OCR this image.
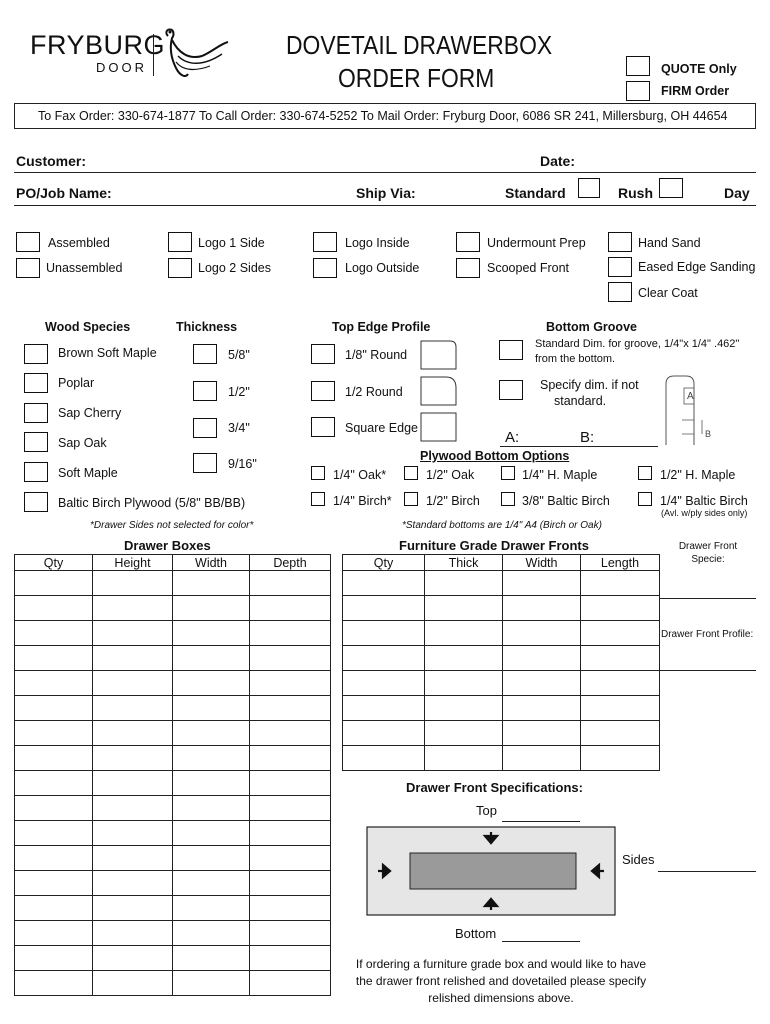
FRYBURG
DOOR
DOVETAIL DRAWERBOX
ORDER FORM	QUOTE Only
FIRM Order
To Fax Order: 330-674-1877 To Call Order: 330-674-5252 To Mail Order: Fryburg Door, 6086 SR 241, Millersburg, OH 44654
Customer:	Date:
PO/Job Name:	Ship Via:	Standard	Rush	Day
Assembled
Unassembled
Logo 1 Side
Logo 2 Sides
Logo Inside
Logo Outside
Undermount Prep
Scooped Front
Hand Sand
Eased Edge Sanding
Clear Coat
Wood Species
Brown Soft Maple
Poplar
Sap Cherry
Sap Oak
Soft Maple
Baltic Birch Plywood (5/8" BB/BB)
*Drawer Sides not selected for color*
Thickness
5/8"
1/2"
3/4"
9/16"
Top Edge Profile
1/8" Round
1/2 Round
Square Edge
Bottom Groove
Standard Dim. for groove, 1/4"x 1/4" .462"
from the bottom.
Specify dim. if not
standard.
A:	B:
A
B
Plywood Bottom Options
1/4" Oak*	1/2" Oak	1/4" H. Maple	1/2" H. Maple
1/4" Birch*	1/2" Birch	3/8" Baltic Birch	1/4" Baltic Birch
(Avl. w/ply sides only)
*Standard bottoms are 1/4" A4 (Birch or Oak)
Drawer Boxes
Qty	Height	Width	Depth

Furniture Grade Drawer Fronts
Qty	Thick	Width	Length

Drawer Front Specie:
Drawer Front Profile:
Drawer Front Specifications:
Top
Sides
Bottom
If ordering a furniture grade box and would like to have
the drawer front relished and dovetailed please specify
relished dimensions above.
